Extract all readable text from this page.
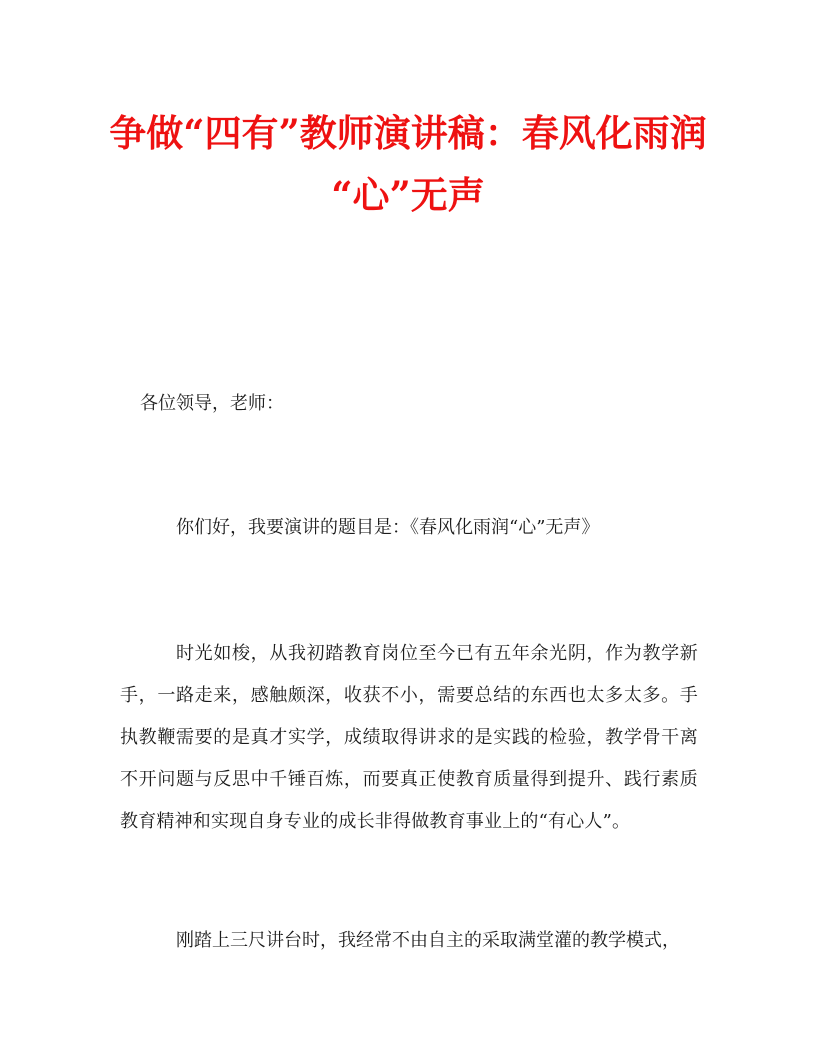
争做“四有”教师演讲稿：春风化雨润
“心”无声

各位领导，老师：

你们好，我要演讲的题目是：《春风化雨润“心”无声》

时光如梭，从我初踏教育岗位至今已有五年余光阴，作为教学新手，一路走来，感触颇深，收获不小，需要总结的东西也太多太多。手执教鞭需要的是真才实学，成绩取得讲求的是实践的检验，教学骨干离不开问题与反思中千锤百炼，而要真正使教育质量得到提升、践行素质教育精神和实现自身专业的成长非得做教育事业上的“有心人”。

刚踏上三尺讲台时，我经常不由自主的采取满堂灌的教学模式，
